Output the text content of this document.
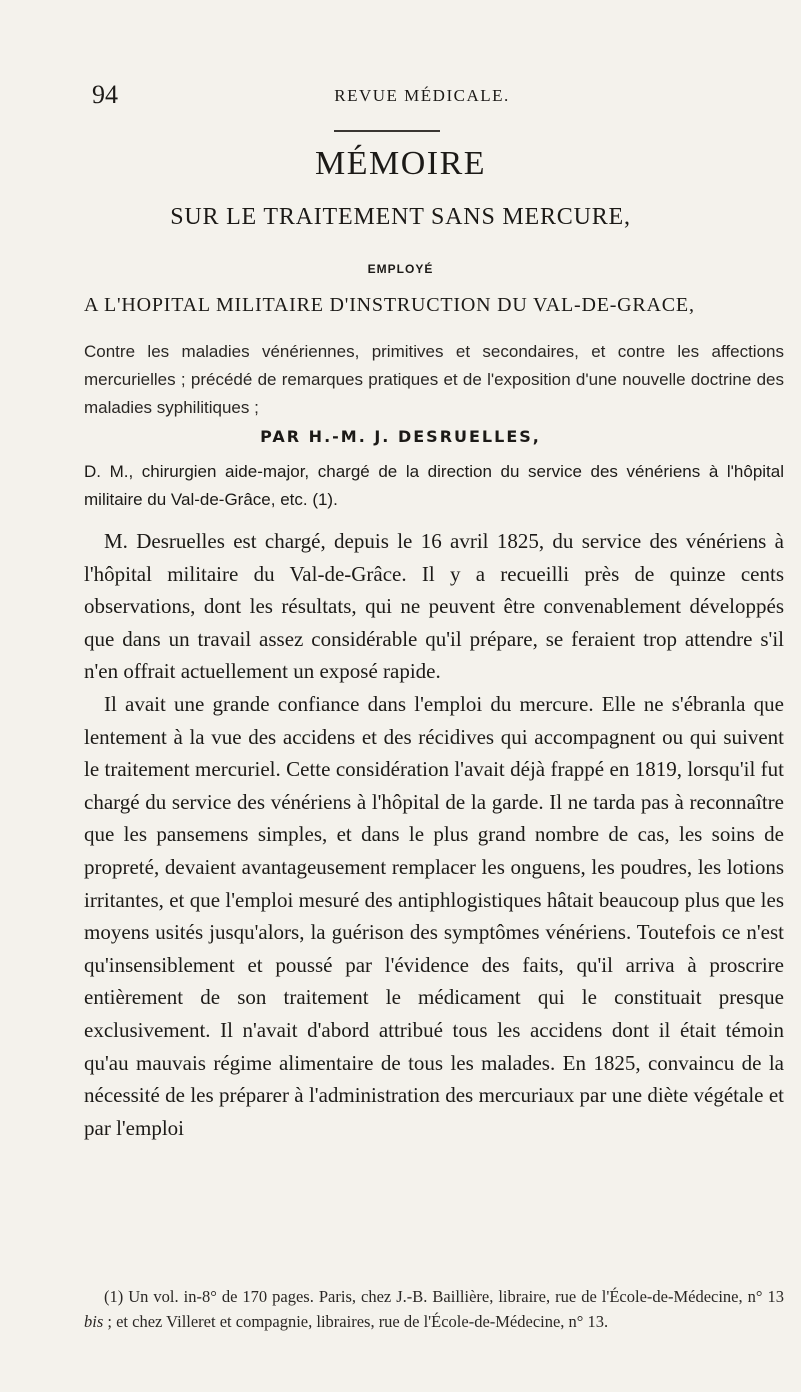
94	REVUE MÉDICALE.
MÉMOIRE
SUR LE TRAITEMENT SANS MERCURE,
EMPLOYÉ
A L'HOPITAL MILITAIRE D'INSTRUCTION DU VAL-DE-GRACE,
Contre les maladies vénériennes, primitives et secondaires, et contre les affections mercurielles ; précédé de remarques pratiques et de l'exposition d'une nouvelle doctrine des maladies syphilitiques ;
PAR H.-M. J. DESRUELLES,
D. M., chirurgien aide-major, chargé de la direction du service des vénériens à l'hôpital militaire du Val-de-Grâce, etc. (1).

M. Desruelles est chargé, depuis le 16 avril 1825, du service des vénériens à l'hôpital militaire du Val-de-Grâce. Il y a recueilli près de quinze cents observations, dont les résultats, qui ne peuvent être convenablement développés que dans un travail assez considérable qu'il prépare, se feraient trop attendre s'il n'en offrait actuellement un exposé rapide.

Il avait une grande confiance dans l'emploi du mercure. Elle ne s'ébranla que lentement à la vue des accidens et des récidives qui accompagnent ou qui suivent le traitement mercuriel. Cette considération l'avait déjà frappé en 1819, lorsqu'il fut chargé du service des vénériens à l'hôpital de la garde. Il ne tarda pas à reconnaître que les pansemens simples, et dans le plus grand nombre de cas, les soins de propreté, devaient avantageusement remplacer les onguens, les poudres, les lotions irritantes, et que l'emploi mesuré des antiphlogistiques hâtait beaucoup plus que les moyens usités jusqu'alors, la guérison des symptômes vénériens. Toutefois ce n'est qu'insensiblement et poussé par l'évidence des faits, qu'il arriva à proscrire entièrement de son traitement le médicament qui le constituait presque exclusivement. Il n'avait d'abord attribué tous les accidens dont il était témoin qu'au mauvais régime alimentaire de tous les malades. En 1825, convaincu de la nécessité de les préparer à l'administration des mercuriaux par une diète végétale et par l'emploi

(1) Un vol. in-8° de 170 pages. Paris, chez J.-B. Baillière, libraire, rue de l'École-de-Médecine, n° 13 bis ; et chez Villeret et compagnie, libraires, rue de l'École-de-Médecine, n° 13.
